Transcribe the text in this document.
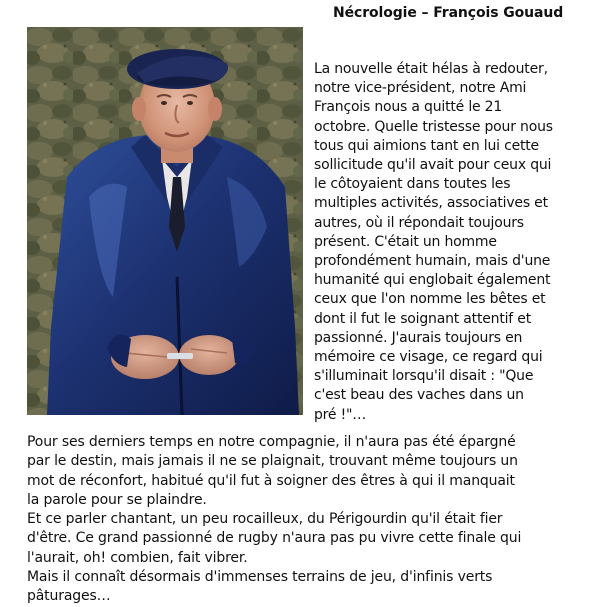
Nécrologie – François Gouaud
La nouvelle était hélas à redouter,
notre vice-président, notre Ami
François nous a quitté le 21
octobre. Quelle tristesse pour nous
tous qui aimions tant en lui cette
sollicitude qu'il avait pour ceux qui
le côtoyaient dans toutes les
multiples activités, associatives et
autres, où il répondait toujours
présent. C'était un homme
profondément humain, mais d'une
humanité qui englobait également
ceux que l'on nomme les bêtes et
dont il fut le soignant attentif et
passionné. J'aurais toujours en
mémoire ce visage, ce regard qui
s'illuminait lorsqu'il disait : "Que
c'est beau des vaches dans un
pré !"…
Pour ses derniers temps en notre compagnie, il n'aura pas été épargné
par le destin, mais jamais il ne se plaignait, trouvant même toujours un
mot de réconfort, habitué qu'il fut à soigner des êtres à qui il manquait
la parole pour se plaindre.
Et ce parler chantant, un peu rocailleux, du Périgourdin qu'il était fier
d'être. Ce grand passionné de rugby n'aura pas pu vivre cette finale qui
l'aurait, oh! combien, fait vibrer.
Mais il connaît désormais d'immenses terrains de jeu, d'infinis verts
pâturages…
